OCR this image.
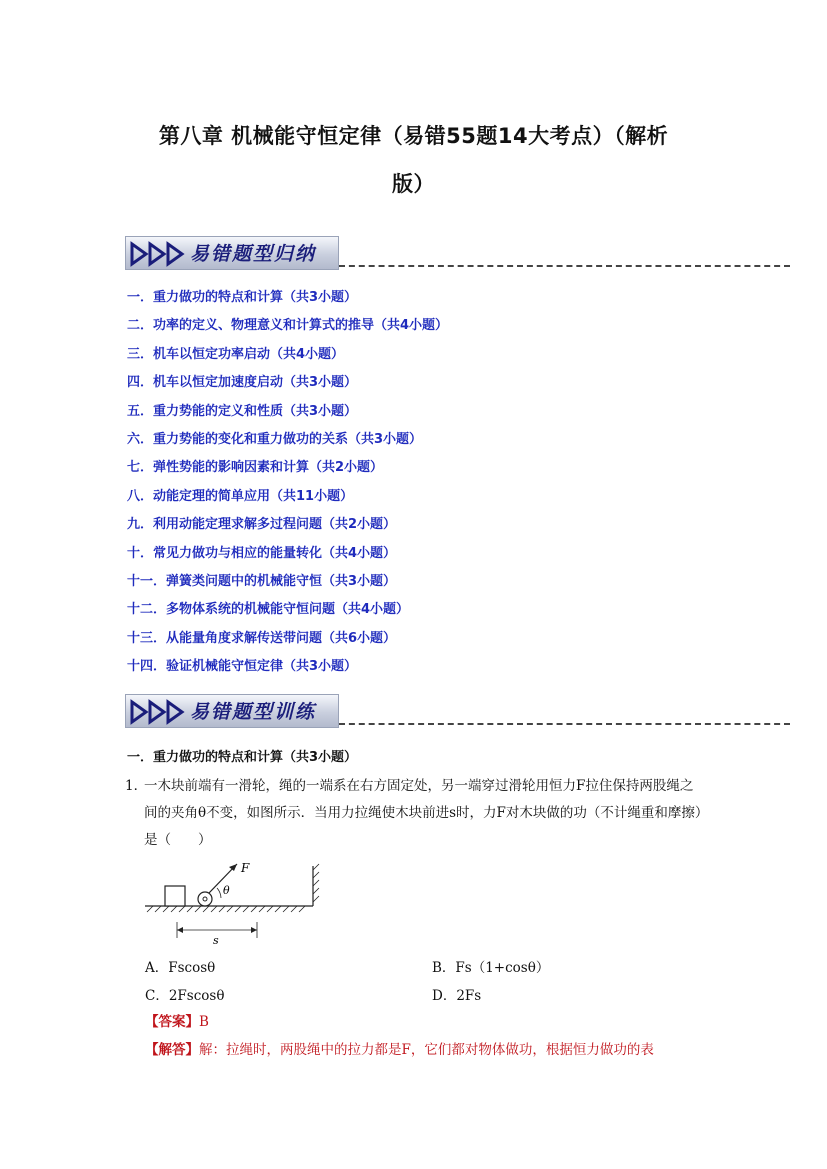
第八章 机械能守恒定律（易错55题14大考点）（解析
版）
易错题型归纳
一．重力做功的特点和计算（共3小题）
二．功率的定义、物理意义和计算式的推导（共4小题）
三．机车以恒定功率启动（共4小题）
四．机车以恒定加速度启动（共3小题）
五．重力势能的定义和性质（共3小题）
六．重力势能的变化和重力做功的关系（共3小题）
七．弹性势能的影响因素和计算（共2小题）
八．动能定理的简单应用（共11小题）
九．利用动能定理求解多过程问题（共2小题）
十．常见力做功与相应的能量转化（共4小题）
十一．弹簧类问题中的机械能守恒（共3小题）
十二．多物体系统的机械能守恒问题（共4小题）
十三．从能量角度求解传送带问题（共6小题）
十四．验证机械能守恒定律（共3小题）
易错题型训练
一．重力做功的特点和计算（共3小题）
1．
一木块前端有一滑轮，绳的一端系在右方固定处，另一端穿过滑轮用恒力F拉住保持两股绳之间的夹角θ不变，如图所示．当用力拉绳使木块前进s时，力F对木块做的功（不计绳重和摩擦）是（　　）
F
θ
s
A．Fscosθ	B．Fs（1+cosθ）
C．2Fscosθ	D．2Fs
【答案】B
【解答】解：拉绳时，两股绳中的拉力都是F，它们都对物体做功，根据恒力做功的表
